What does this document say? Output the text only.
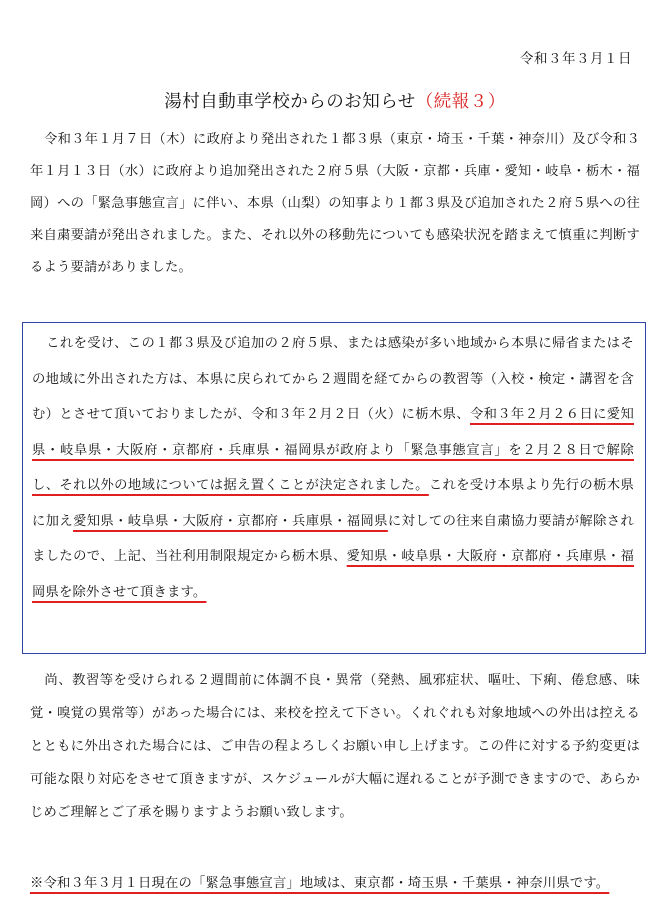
令和３年３月１日
湯村自動車学校からのお知らせ（続報３）
令和３年１月７日（木）に政府より発出された１都３県（東京・埼玉・千葉・神奈川）及び令和３年１月１３日（水）に政府より追加発出された２府５県（大阪・京都・兵庫・愛知・岐阜・栃木・福岡）への「緊急事態宣言」に伴い、本県（山梨）の知事より１都３県及び追加された２府５県への往来自粛要請が発出されました。また、それ以外の移動先についても感染状況を踏まえて慎重に判断するよう要請がありました。
これを受け、この１都３県及び追加の２府５県、または感染が多い地域から本県に帰省またはその地域に外出された方は、本県に戻られてから２週間を経てからの教習等（入校・検定・講習を含む）とさせて頂いておりましたが、令和３年２月２日（火）に栃木県、令和３年２月２６日に愛知県・岐阜県・大阪府・京都府・兵庫県・福岡県が政府より「緊急事態宣言」を２月２８日で解除し、それ以外の地域については据え置くことが決定されました。これを受け本県より先行の栃木県に加え愛知県・岐阜県・大阪府・京都府・兵庫県・福岡県に対しての往来自粛協力要請が解除されましたので、上記、当社利用制限規定から栃木県、愛知県・岐阜県・大阪府・京都府・兵庫県・福岡県を除外させて頂きます。
尚、教習等を受けられる２週間前に体調不良・異常（発熱、風邪症状、嘔吐、下痢、倦怠感、味覚・嗅覚の異常等）があった場合には、来校を控えて下さい。くれぐれも対象地域への外出は控えるとともに外出された場合には、ご申告の程よろしくお願い申し上げます。この件に対する予約変更は可能な限り対応をさせて頂きますが、スケジュールが大幅に遅れることが予測できますので、あらかじめご理解とご了承を賜りますようお願い致します。
※令和３年３月１日現在の「緊急事態宣言」地域は、東京都・埼玉県・千葉県・神奈川県です。
